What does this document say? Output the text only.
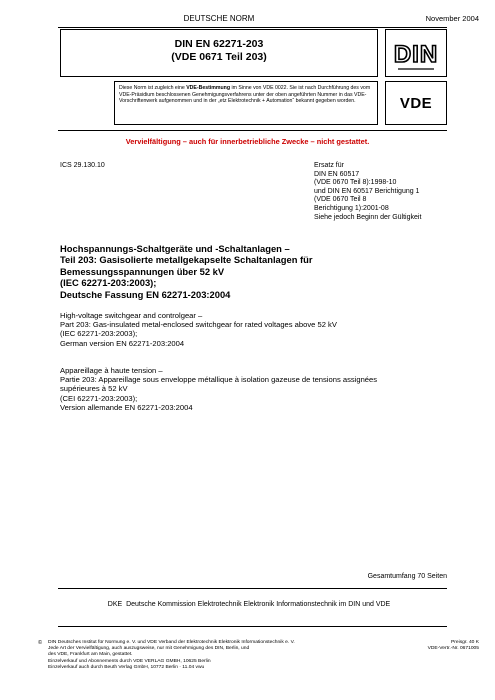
DEUTSCHE NORM	November 2004
DIN EN 62271-203
(VDE 0671 Teil 203)	DIN
Diese Norm ist zugleich eine VDE-Bestimmung im Sinne von VDE 0022. Sie ist nach Durchführung des vom VDE-Präsidium beschlossenen Genehmigungsverfahrens unter der oben angeführten Nummer in das VDE-Vorschriftenwerk aufgenommen und in der „etz Elektrotechnik + Automation“ bekannt gegeben worden.	VDE
Vervielfältigung – auch für innerbetriebliche Zwecke – nicht gestattet.
ICS 29.130.10	Ersatz für
DIN EN 60517
(VDE 0670 Teil 8):1998-10
und DIN EN 60517 Berichtigung 1
(VDE 0670 Teil 8
Berichtigung 1):2001-08
Siehe jedoch Beginn der Gültigkeit
Hochspannungs-Schaltgeräte und -Schaltanlagen –
Teil 203: Gasisolierte metallgekapselte Schaltanlagen für
Bemessungsspannungen über 52 kV
(IEC 62271-203:2003);
Deutsche Fassung EN 62271-203:2004
High-voltage switchgear and controlgear –
Part 203: Gas-insulated metal-enclosed switchgear for rated voltages above 52 kV
(IEC 62271-203:2003);
German version EN 62271-203:2004
Appareillage à haute tension –
Partie 203: Appareillage sous enveloppe métallique à isolation gazeuse de tensions assignées
supérieures à 52 kV
(CEI 62271-203:2003);
Version allemande EN 62271-203:2004
Gesamtumfang 70 Seiten
DKE Deutsche Kommission Elektrotechnik Elektronik Informationstechnik im DIN und VDE
© DIN Deutsches Institut für Normung e. V. und VDE Verband der Elektrotechnik Elektronik Informationstechnik e. V.
Jede Art der Vervielfältigung, auch auszugsweise, nur mit Genehmigung des DIN, Berlin, und
des VDE, Frankfurt am Main, gestattet.
Einzelverkauf und Abonnements durch VDE VERLAG GMBH, 10625 Berlin
Einzelverkauf auch durch Beuth Verlag GmbH, 10772 Berlin · 11.04 vwu
Preisgr. 40 K
VDE-Vertr.-Nr. 0671005
